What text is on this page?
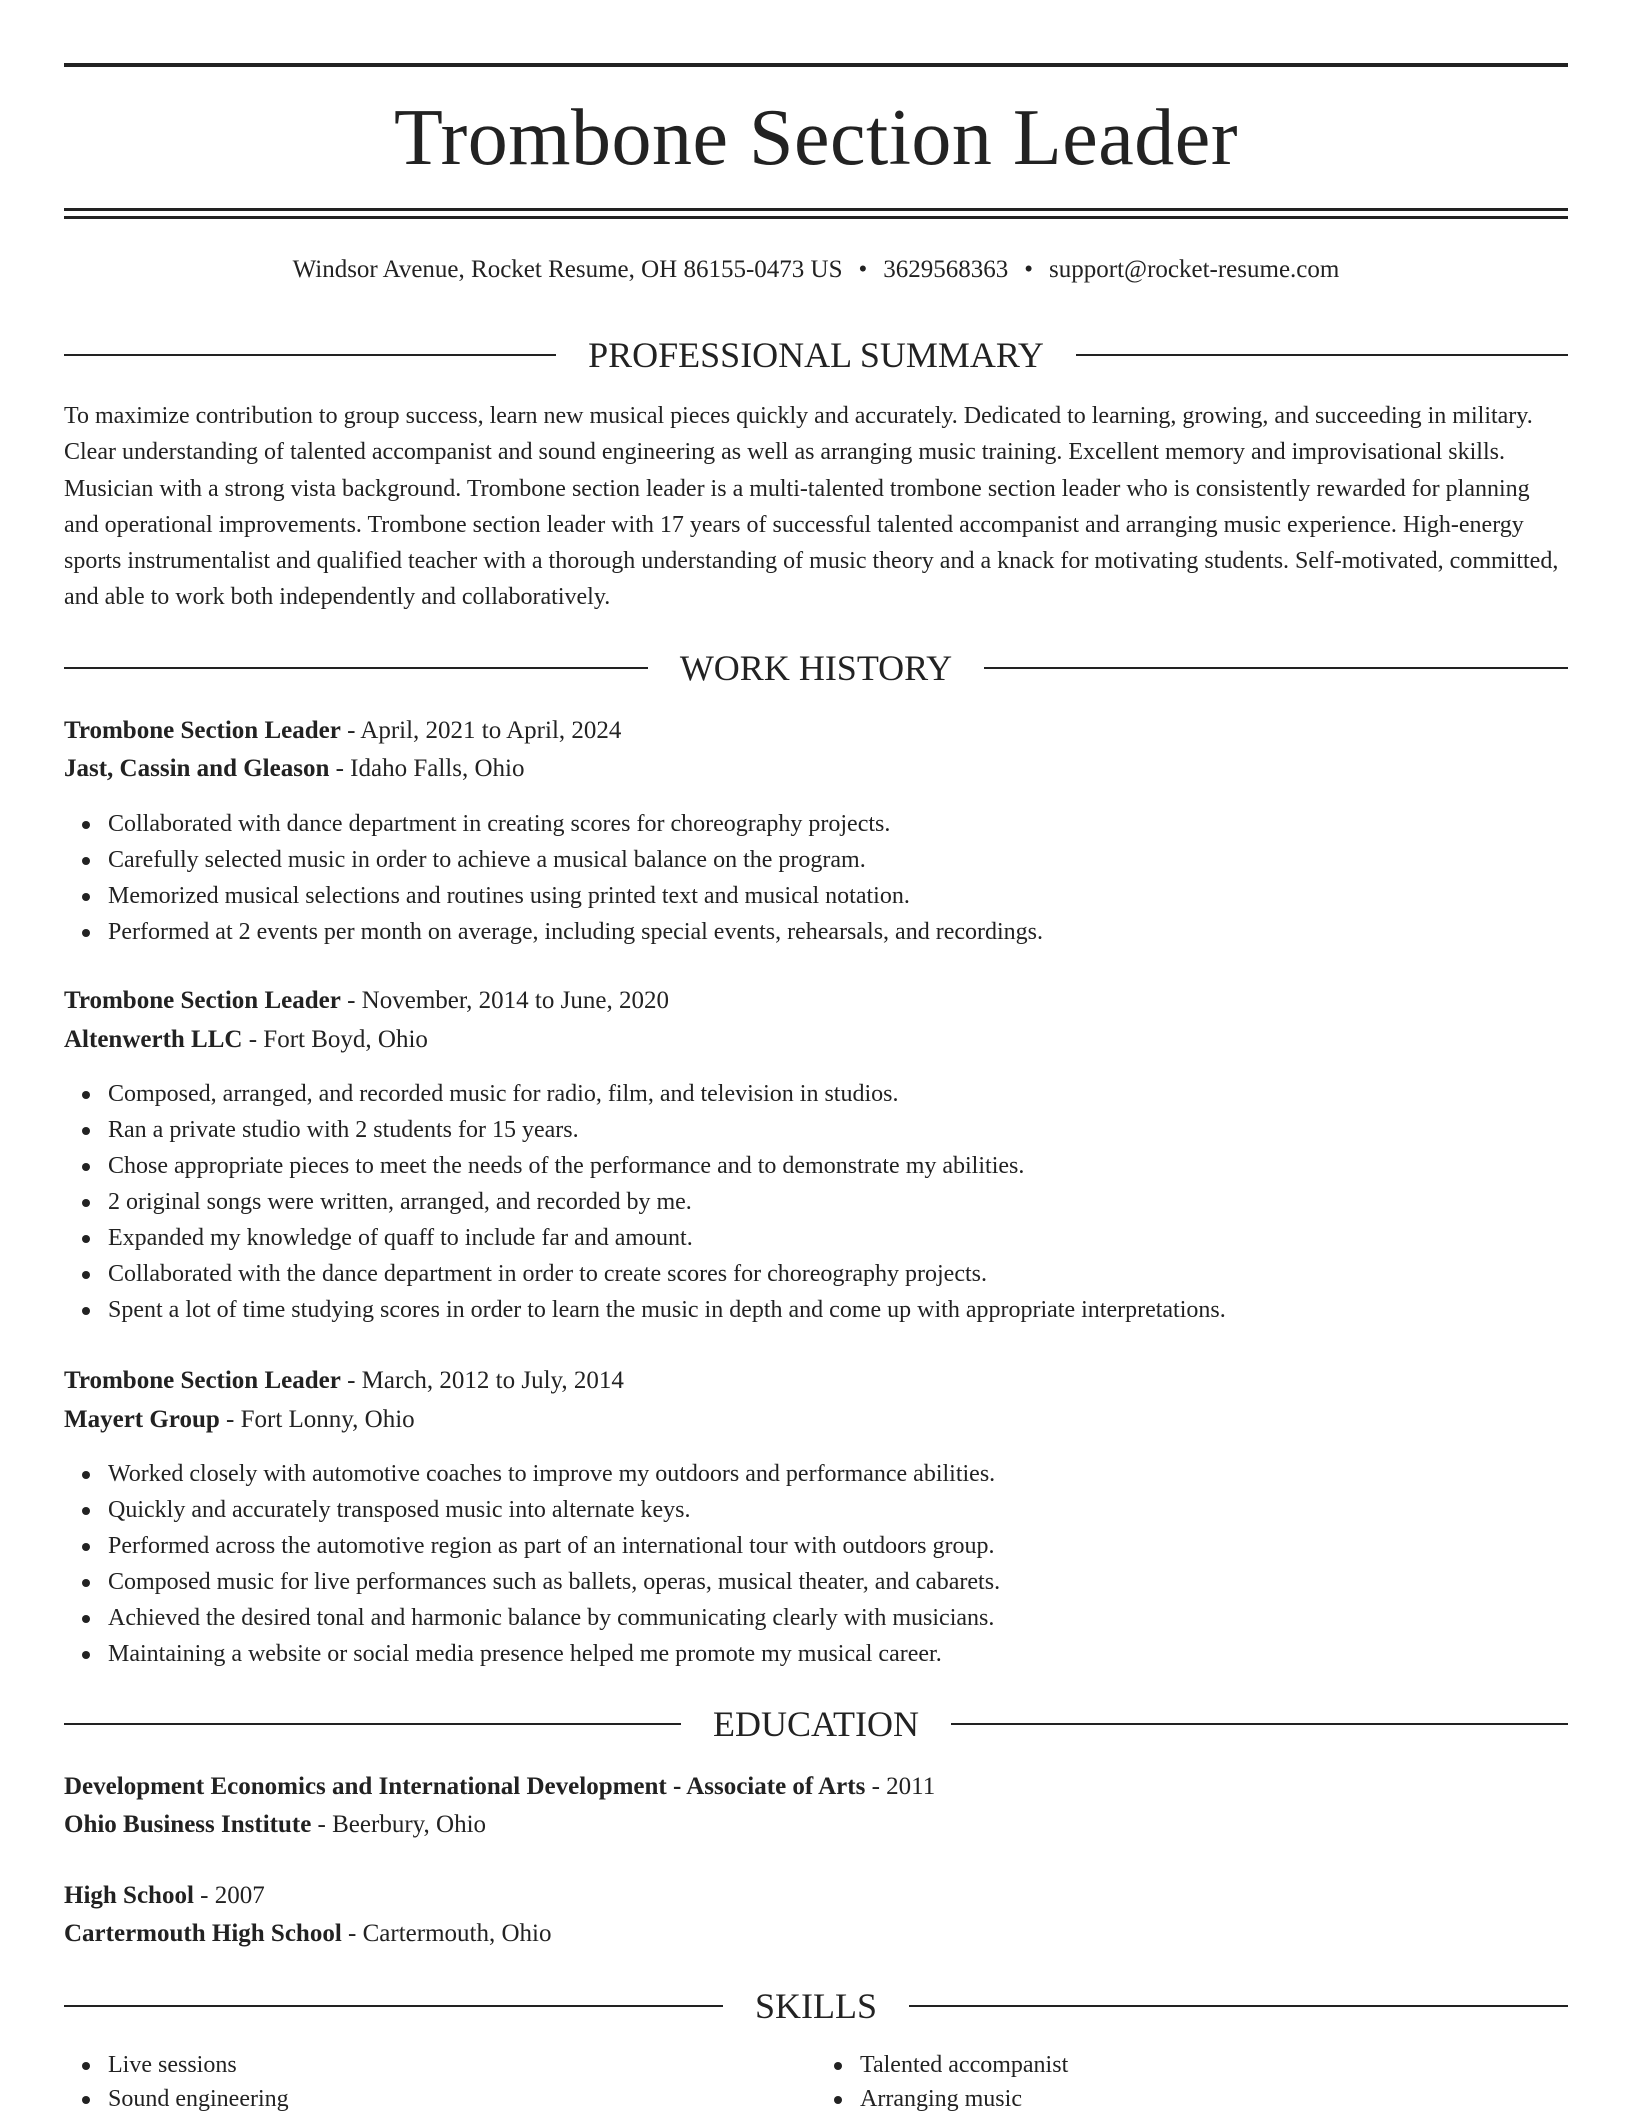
Trombone Section Leader
Windsor Avenue, Rocket Resume, OH 86155-0473 US • 3629568363 • support@rocket-resume.com
PROFESSIONAL SUMMARY
To maximize contribution to group success, learn new musical pieces quickly and accurately. Dedicated to learning, growing, and succeeding in military. Clear understanding of talented accompanist and sound engineering as well as arranging music training. Excellent memory and improvisational skills. Musician with a strong vista background. Trombone section leader is a multi-talented trombone section leader who is consistently rewarded for planning and operational improvements. Trombone section leader with 17 years of successful talented accompanist and arranging music experience. High-energy sports instrumentalist and qualified teacher with a thorough understanding of music theory and a knack for motivating students. Self-motivated, committed, and able to work both independently and collaboratively.
WORK HISTORY
Trombone Section Leader - April, 2021 to April, 2024
Jast, Cassin and Gleason - Idaho Falls, Ohio
Collaborated with dance department in creating scores for choreography projects.
Carefully selected music in order to achieve a musical balance on the program.
Memorized musical selections and routines using printed text and musical notation.
Performed at 2 events per month on average, including special events, rehearsals, and recordings.
Trombone Section Leader - November, 2014 to June, 2020
Altenwerth LLC - Fort Boyd, Ohio
Composed, arranged, and recorded music for radio, film, and television in studios.
Ran a private studio with 2 students for 15 years.
Chose appropriate pieces to meet the needs of the performance and to demonstrate my abilities.
2 original songs were written, arranged, and recorded by me.
Expanded my knowledge of quaff to include far and amount.
Collaborated with the dance department in order to create scores for choreography projects.
Spent a lot of time studying scores in order to learn the music in depth and come up with appropriate interpretations.
Trombone Section Leader - March, 2012 to July, 2014
Mayert Group - Fort Lonny, Ohio
Worked closely with automotive coaches to improve my outdoors and performance abilities.
Quickly and accurately transposed music into alternate keys.
Performed across the automotive region as part of an international tour with outdoors group.
Composed music for live performances such as ballets, operas, musical theater, and cabarets.
Achieved the desired tonal and harmonic balance by communicating clearly with musicians.
Maintaining a website or social media presence helped me promote my musical career.
EDUCATION
Development Economics and International Development - Associate of Arts - 2011
Ohio Business Institute - Beerbury, Ohio
High School - 2007
Cartermouth High School - Cartermouth, Ohio
SKILLS
Live sessions
Sound engineering
Talented accompanist
Arranging music
